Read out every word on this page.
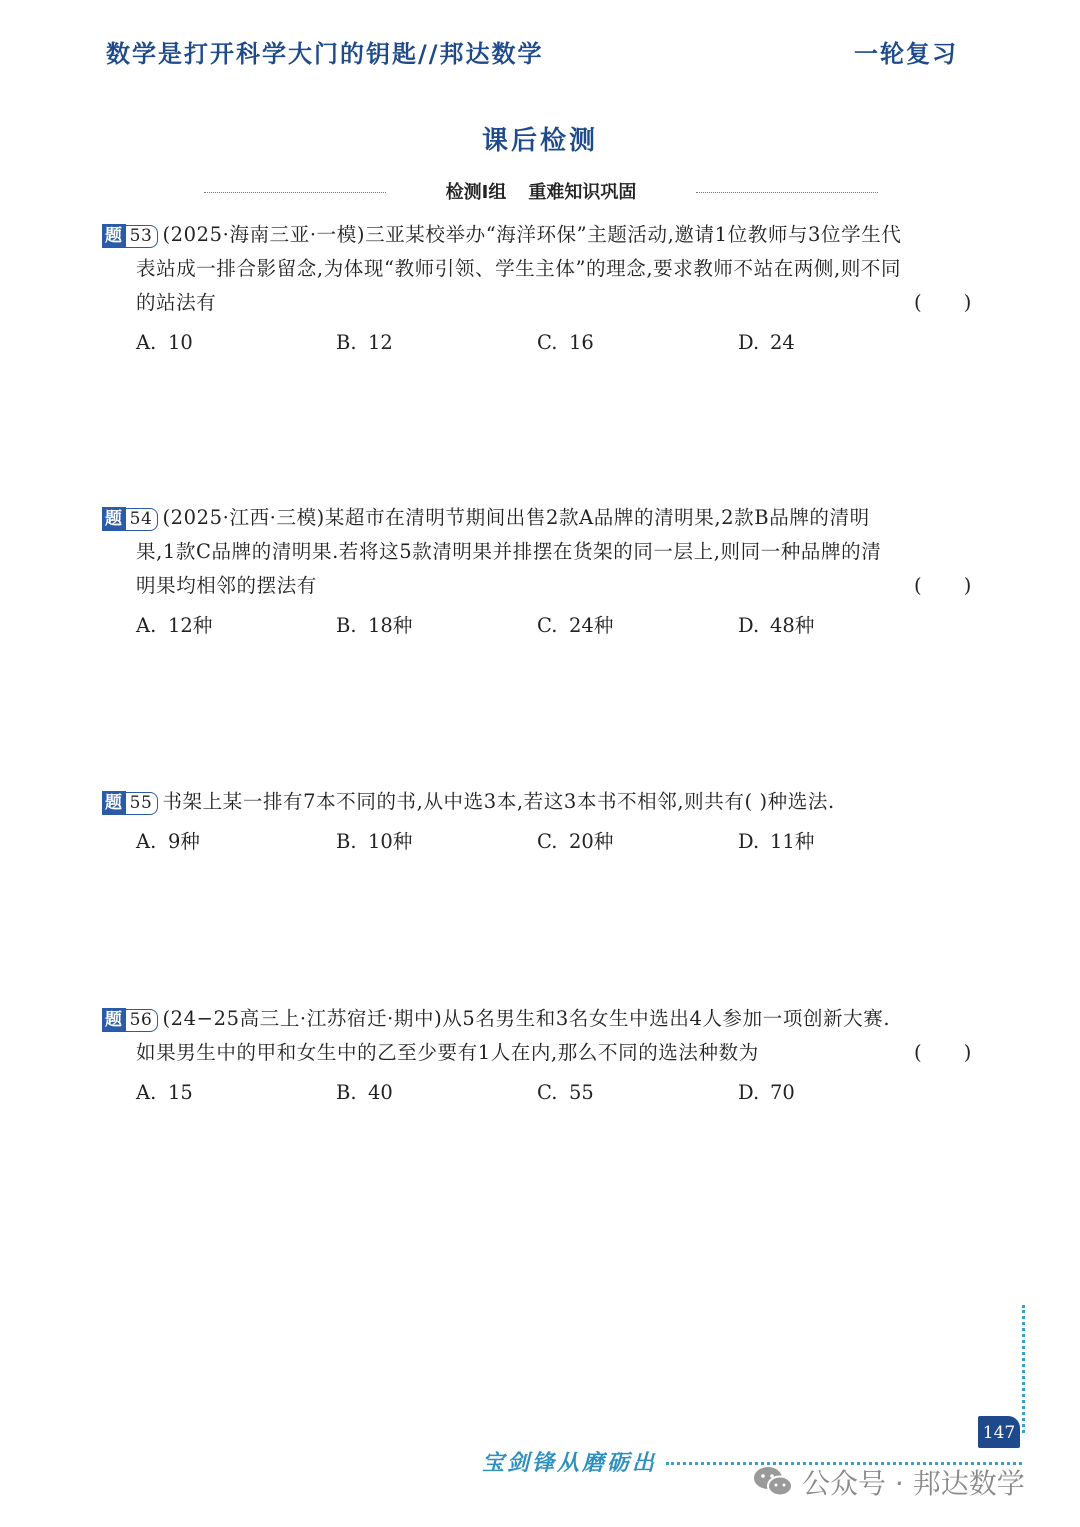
数学是打开科学大门的钥匙//邦达数学	一轮复习
课后检测
检测Ⅰ组 重难知识巩固
题 53 (2025·海南三亚·一模)三亚某校举办“海洋环保”主题活动,邀请1位教师与3位学生代
表站成一排合影留念,为体现“教师引领、学生主体”的理念,要求教师不站在两侧,则不同
的站法有	( )
A. 10	B. 12	C. 16	D. 24
题 54 (2025·江西·三模)某超市在清明节期间出售2款A品牌的清明果,2款B品牌的清明
果,1款C品牌的清明果.若将这5款清明果并排摆在货架的同一层上,则同一种品牌的清
明果均相邻的摆法有	( )
A. 12种	B. 18种	C. 24种	D. 48种
题 55 书架上某一排有7本不同的书,从中选3本,若这3本书不相邻,则共有( )种选法.
A. 9种	B. 10种	C. 20种	D. 11种
题 56 (24−25高三上·江苏宿迁·期中)从5名男生和3名女生中选出4人参加一项创新大赛.
如果男生中的甲和女生中的乙至少要有1人在内,那么不同的选法种数为	( )
A. 15	B. 40	C. 55	D. 70
147
宝剑锋从磨砺出
公众号 · 邦达数学
